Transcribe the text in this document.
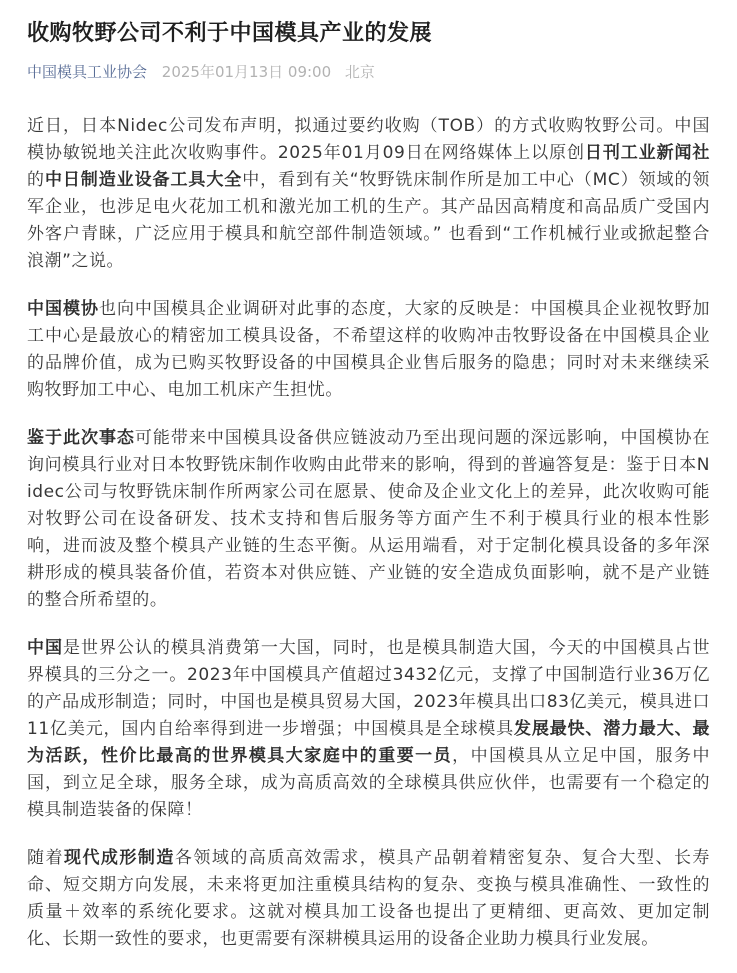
收购牧野公司不利于中国模具产业的发展
中国模具工业协会 2025年01月13日 09:00 北京

近日，日本Nidec公司发布声明，拟通过要约收购（TOB）的方式收购牧野公司。中国模协敏锐地关注此次收购事件。2025年01月09日在网络媒体上以原创日刊工业新闻社的中日制造业设备工具大全中，看到有关“牧野铣床制作所是加工中心（MC）领域的领军企业，也涉足电火花加工机和激光加工机的生产。其产品因高精度和高品质广受国内外客户青睐，广泛应用于模具和航空部件制造领域。” 也看到“工作机械行业或掀起整合浪潮”之说。

中国模协也向中国模具企业调研对此事的态度，大家的反映是：中国模具企业视牧野加工中心是最放心的精密加工模具设备，不希望这样的收购冲击牧野设备在中国模具企业的品牌价值，成为已购买牧野设备的中国模具企业售后服务的隐患；同时对未来继续采购牧野加工中心、电加工机床产生担忧。

鉴于此次事态可能带来中国模具设备供应链波动乃至出现问题的深远影响，中国模协在询问模具行业对日本牧野铣床制作收购由此带来的影响，得到的普遍答复是：鉴于日本Nidec公司与牧野铣床制作所两家公司在愿景、使命及企业文化上的差异，此次收购可能对牧野公司在设备研发、技术支持和售后服务等方面产生不利于模具行业的根本性影响，进而波及整个模具产业链的生态平衡。从运用端看，对于定制化模具设备的多年深耕形成的模具装备价值，若资本对供应链、产业链的安全造成负面影响，就不是产业链的整合所希望的。

中国是世界公认的模具消费第一大国，同时，也是模具制造大国，今天的中国模具占世界模具的三分之一。2023年中国模具产值超过3432亿元，支撑了中国制造行业36万亿的产品成形制造；同时，中国也是模具贸易大国，2023年模具出口83亿美元，模具进口11亿美元，国内自给率得到进一步增强；中国模具是全球模具发展最快、潜力最大、最为活跃，性价比最高的世界模具大家庭中的重要一员，中国模具从立足中国，服务中国，到立足全球，服务全球，成为高质高效的全球模具供应伙伴，也需要有一个稳定的模具制造装备的保障！

随着现代成形制造各领域的高质高效需求，模具产品朝着精密复杂、复合大型、长寿命、短交期方向发展，未来将更加注重模具结构的复杂、变换与模具准确性、一致性的质量＋效率的系统化要求。这就对模具加工设备也提出了更精细、更高效、更加定制化、长期一致性的要求，也更需要有深耕模具运用的设备企业助力模具行业发展。
